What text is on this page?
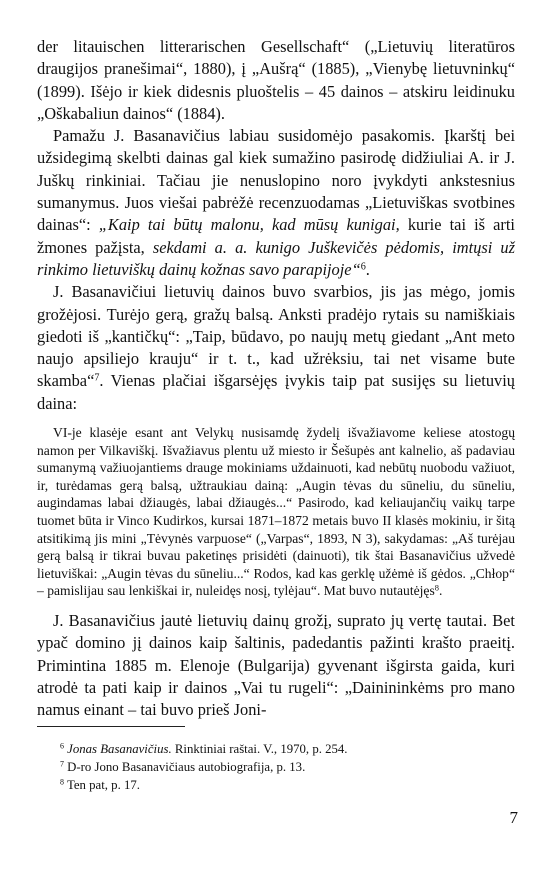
der litauischen litterarischen Gesellschaft“ („Lietuvių literatūros draugijos pranešimai“, 1880), į „Aušrą“ (1885), „Vienybę lietuvninkų“ (1899). Išėjo ir kiek didesnis pluoštelis – 45 dainos – atskiru leidinuku „Oškabaliun dainos“ (1884).

Pamažu J. Basanavičius labiau susidomėjo pasakomis. Įkarštį bei užsidegimą skelbti dainas gal kiek sumažino pasirodę didžiuliai A. ir J. Juškų rinkiniai. Tačiau jie nenuslopino noro įvykdyti ankstesnius sumanymus. Juos viešai pabrėžė recenzuodamas „Lietuviškas svotbines dainas“: „Kaip tai būtų malonu, kad mūsų kunigai, kurie tai iš arti žmones pažįsta, sekdami a. a. kunigo Juškevičės pėdomis, imtųsi už rinkimo lietuviškų dainų kožnas savo parapijoje“$^6$.

J. Basanavičiui lietuvių dainos buvo svarbios, jis jas mėgo, jomis grožėjosi. Turėjo gerą, gražų balsą. Anksti pradėjo rytais su namiškiais giedoti iš „kantičkų“: „Taip, būdavo, po naujų metų giedant „Ant meto naujo apsiliejo krauju“ ir t. t., kad užrėksiu, tai net visame bute skamba“$^7$. Vienas plačiai išgarsėjęs įvykis taip pat susijęs su lietuvių daina:

VI-je klasėje esant ant Velykų nusisamdę žydelį išvažiavome keliese atostogų namon per Vilkaviškį. Išvažiavus plentu už miesto ir Šešupės ant kalnelio, aš padaviau sumanymą važiuojantiems drauge mokiniams uždainuoti, kad nebūtų nuobodu važiuot, ir, turėdamas gerą balsą, užtraukiau dainą: „Augin tėvas du sūneliu, du sūneliu, augindamas labai džiaugės, labai džiaugės...“ Pasirodo, kad keliaujančių vaikų tarpe tuomet būta ir Vinco Kudirkos, kursai 1871–1872 metais buvo II klasės mokiniu, ir šitą atsitikimą jis mini „Tėvynės varpuose“ („Varpas“, 1893, N 3), sakydamas: „Aš turėjau gerą balsą ir tikrai buvau paketinęs prisidėti (dainuoti), tik štai Basanavičius užvedė lietuviškai: „Augin tėvas du sūneliu...“ Rodos, kad kas gerklę užėmė iš gėdos. „Chłop“ – pamislijau sau lenkiškai ir, nuleidęs nosį, tylėjau“. Mat buvo nutautėjęs$^8$.

J. Basanavičius jautė lietuvių dainų grožį, suprato jų vertę tautai. Bet ypač domino jį dainos kaip šaltinis, padedantis pažinti krašto praeitį. Primintina 1885 m. Elenoje (Bulgarija) gyvenant išgirsta gaida, kuri atrodė ta pati kaip ir dainos „Vai tu rugeli“: „Dainininkėms pro mano namus einant – tai buvo prieš Joni-

$^6$ Jonas Basanavičius. Rinktiniai raštai. V., 1970, p. 254.

$^7$ D-ro Jono Basanavičiaus autobiografija, p. 13.

$^8$ Ten pat, p. 17.

7
